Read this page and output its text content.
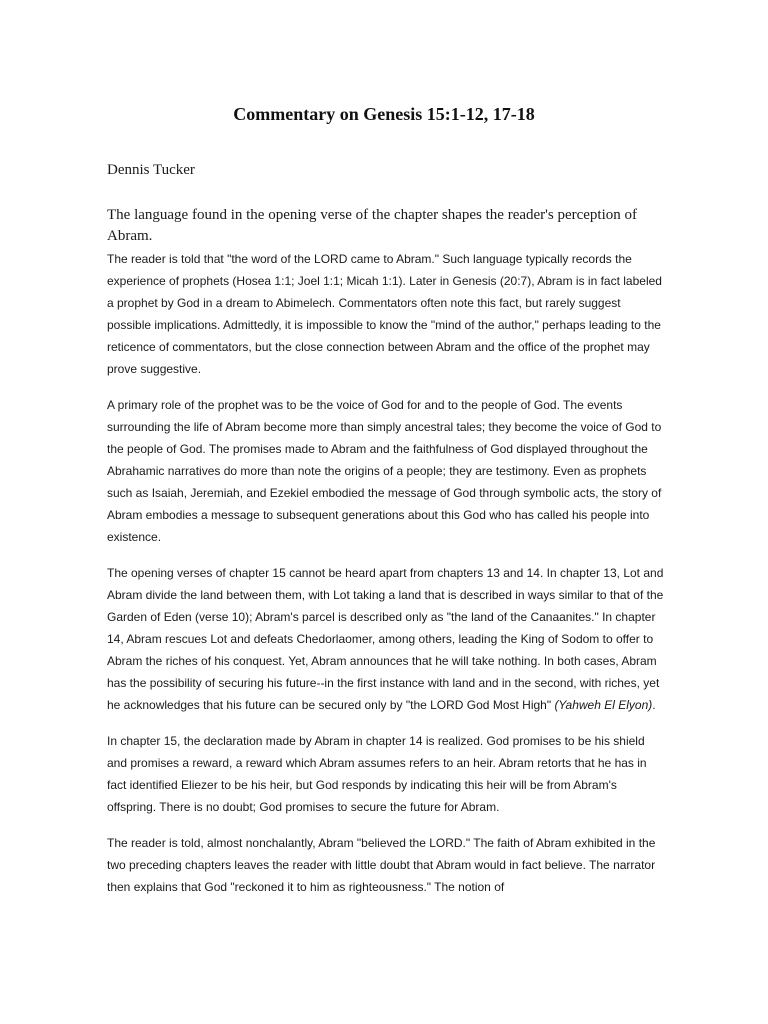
Commentary on Genesis 15:1-12, 17-18
Dennis Tucker
The language found in the opening verse of the chapter shapes the reader's perception of Abram.

The reader is told that "the word of the LORD came to Abram." Such language typically records the experience of prophets (Hosea 1:1; Joel 1:1; Micah 1:1). Later in Genesis (20:7), Abram is in fact labeled a prophet by God in a dream to Abimelech. Commentators often note this fact, but rarely suggest possible implications. Admittedly, it is impossible to know the "mind of the author," perhaps leading to the reticence of commentators, but the close connection between Abram and the office of the prophet may prove suggestive.

A primary role of the prophet was to be the voice of God for and to the people of God. The events surrounding the life of Abram become more than simply ancestral tales; they become the voice of God to the people of God. The promises made to Abram and the faithfulness of God displayed throughout the Abrahamic narratives do more than note the origins of a people; they are testimony. Even as prophets such as Isaiah, Jeremiah, and Ezekiel embodied the message of God through symbolic acts, the story of Abram embodies a message to subsequent generations about this God who has called his people into existence.

The opening verses of chapter 15 cannot be heard apart from chapters 13 and 14. In chapter 13, Lot and Abram divide the land between them, with Lot taking a land that is described in ways similar to that of the Garden of Eden (verse 10); Abram's parcel is described only as "the land of the Canaanites." In chapter 14, Abram rescues Lot and defeats Chedorlaomer, among others, leading the King of Sodom to offer to Abram the riches of his conquest. Yet, Abram announces that he will take nothing. In both cases, Abram has the possibility of securing his future--in the first instance with land and in the second, with riches, yet he acknowledges that his future can be secured only by "the LORD God Most High" (Yahweh El Elyon).

In chapter 15, the declaration made by Abram in chapter 14 is realized. God promises to be his shield and promises a reward, a reward which Abram assumes refers to an heir. Abram retorts that he has in fact identified Eliezer to be his heir, but God responds by indicating this heir will be from Abram's offspring. There is no doubt; God promises to secure the future for Abram.

The reader is told, almost nonchalantly, Abram "believed the LORD." The faith of Abram exhibited in the two preceding chapters leaves the reader with little doubt that Abram would in fact believe. The narrator then explains that God "reckoned it to him as righteousness." The notion of
